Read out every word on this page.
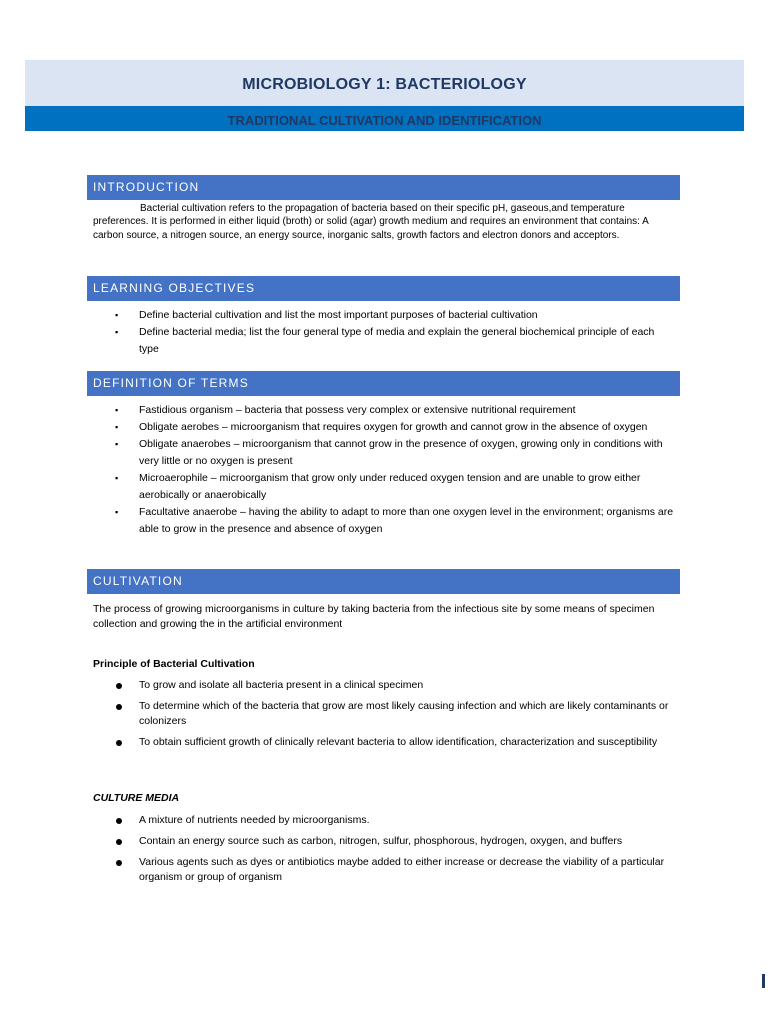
MICROBIOLOGY 1: BACTERIOLOGY
TRADITIONAL CULTIVATION AND IDENTIFICATION
INTRODUCTION
Bacterial cultivation refers to the propagation of bacteria based on their specific pH, gaseous,and temperature preferences. It is performed in either liquid (broth) or solid (agar) growth medium and requires an environment that contains: A carbon source, a nitrogen source, an energy source, inorganic salts, growth factors and electron donors and acceptors.
LEARNING OBJECTIVES
▪ Define bacterial cultivation and list the most important purposes of bacterial cultivation
▪ Define bacterial media; list the four general type of media and explain the general biochemical principle of each type
DEFINITION OF TERMS
▪ Fastidious organism – bacteria that possess very complex or extensive nutritional requirement
▪ Obligate aerobes – microorganism that requires oxygen for growth and cannot grow in the absence of oxygen
▪ Obligate anaerobes – microorganism that cannot grow in the presence of oxygen, growing only in conditions with very little or no oxygen is present
▪ Microaerophile – microorganism that grow only under reduced oxygen tension and are unable to grow either aerobically or anaerobically
▪ Facultative anaerobe – having the ability to adapt to more than one oxygen level in the environment; organisms are able to grow in the presence and absence of oxygen
CULTIVATION
The process of growing microorganisms in culture by taking bacteria from the infectious site by some means of specimen collection and growing the in the artificial environment
Principle of Bacterial Cultivation
To grow and isolate all bacteria present in a clinical specimen
To determine which of the bacteria that grow are most likely causing infection and which are likely contaminants or colonizers
To obtain sufficient growth of clinically relevant bacteria to allow identification, characterization and susceptibility
CULTURE MEDIA
A mixture of nutrients needed by microorganisms.
Contain an energy source such as carbon, nitrogen, sulfur, phosphorous, hydrogen, oxygen, and buffers
Various agents such as dyes or antibiotics maybe added to either increase or decrease the viability of a particular organism or group of organism
